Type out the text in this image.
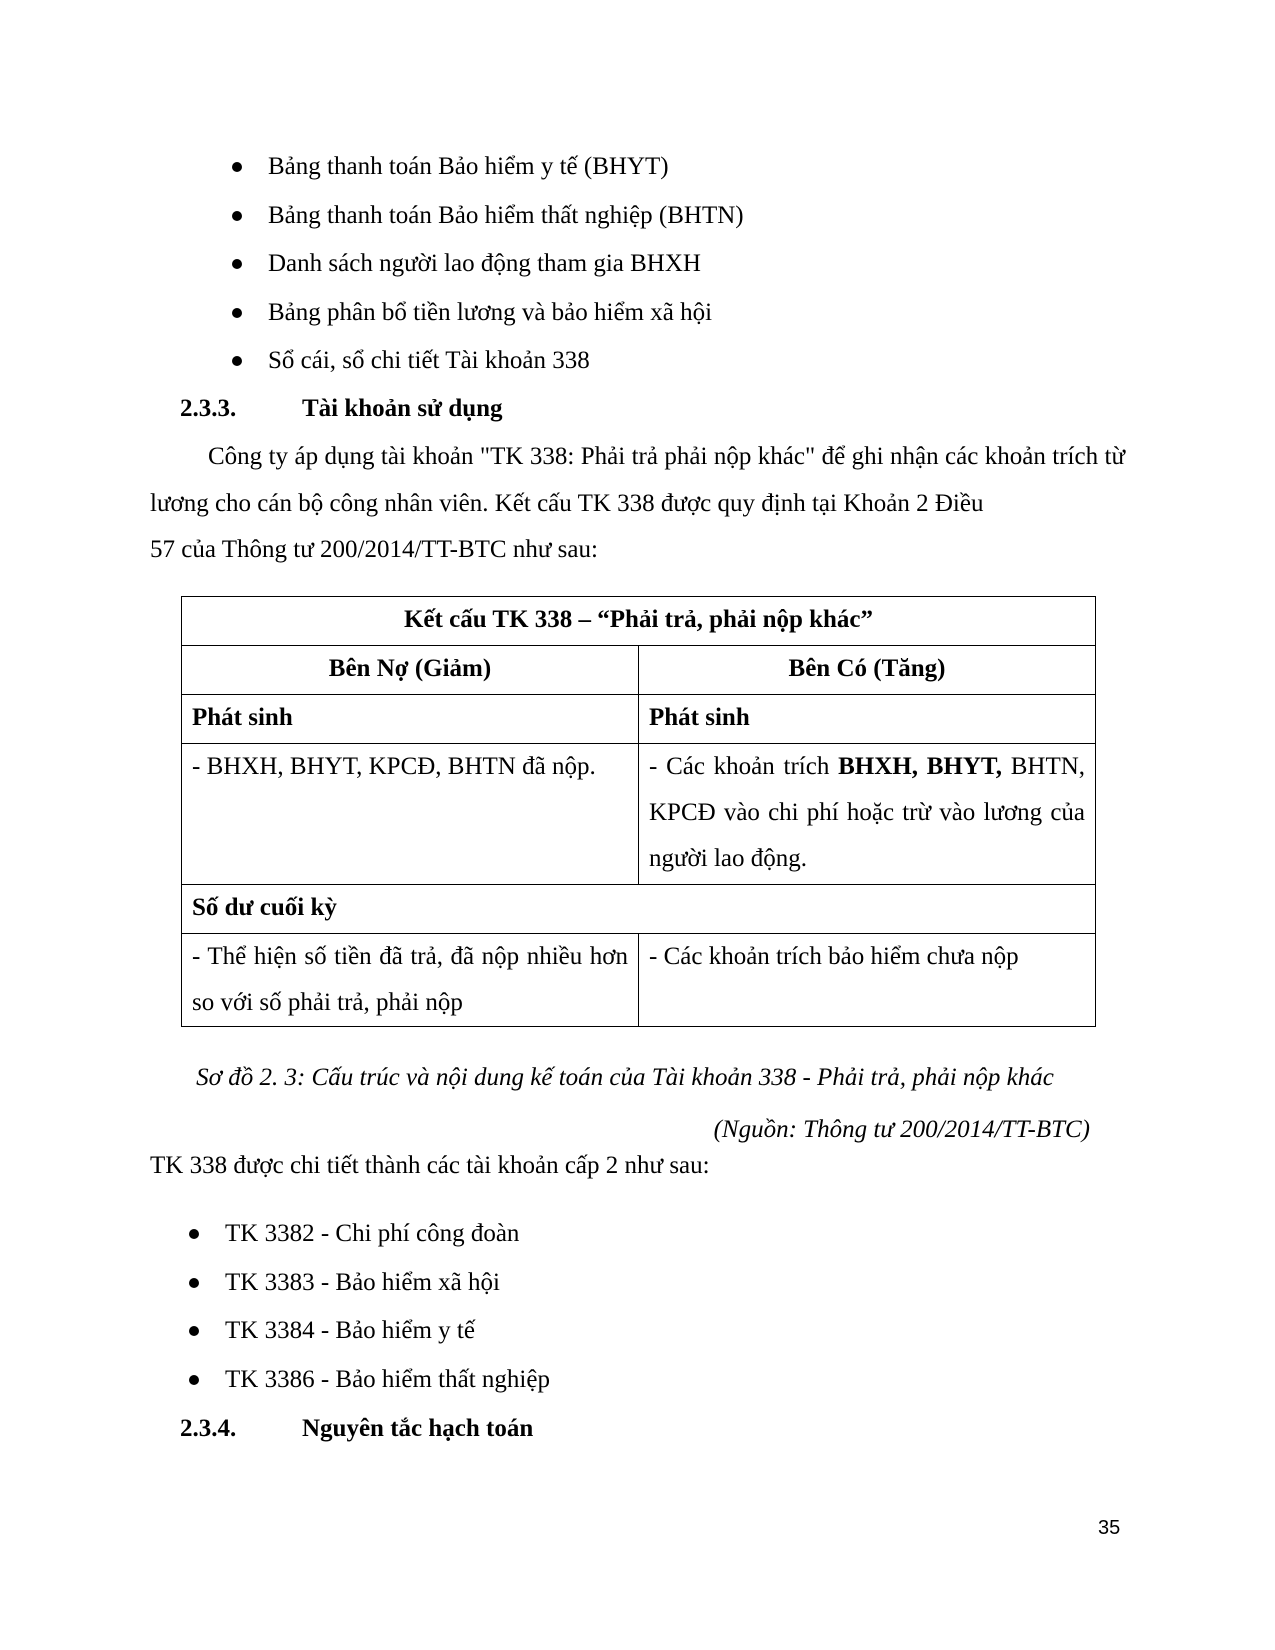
Bảng thanh toán Bảo hiểm y tế (BHYT)
Bảng thanh toán Bảo hiểm thất nghiệp (BHTN)
Danh sách người lao động tham gia BHXH
Bảng phân bổ tiền lương và bảo hiểm xã hội
Sổ cái, sổ chi tiết Tài khoản 338
2.3.3.	Tài khoản sử dụng

Công ty áp dụng tài khoản "TK 338: Phải trả phải nộp khác" để ghi nhận các khoản trích từ lương cho cán bộ công nhân viên. Kết cấu TK 338 được quy định tại Khoản 2 Điều
57 của Thông tư 200/2014/TT-BTC như sau:

Kết cấu TK 338 – “Phải trả, phải nộp khác”	
Bên Nợ (Giảm)	Bên Có (Tăng)
Phát sinh	Phát sinh
- BHXH, BHYT, KPCĐ, BHTN đã nộp.	- Các khoản trích BHXH, BHYT, BHTN, KPCĐ vào chi phí hoặc trừ vào lương của người lao động.
Số dư cuối kỳ	
- Thể hiện số tiền đã trả, đã nộp nhiều hơn so với số phải trả, phải nộp	- Các khoản trích bảo hiểm chưa nộp
Sơ đồ 2. 3: Cấu trúc và nội dung kế toán của Tài khoản 338 - Phải trả, phải nộp khác
(Nguồn: Thông tư 200/2014/TT-BTC)
TK 338 được chi tiết thành các tài khoản cấp 2 như sau:
TK 3382 - Chi phí công đoàn
TK 3383 - Bảo hiểm xã hội
TK 3384 - Bảo hiểm y tế
TK 3386 - Bảo hiểm thất nghiệp
2.3.4.	Nguyên tắc hạch toán
35
